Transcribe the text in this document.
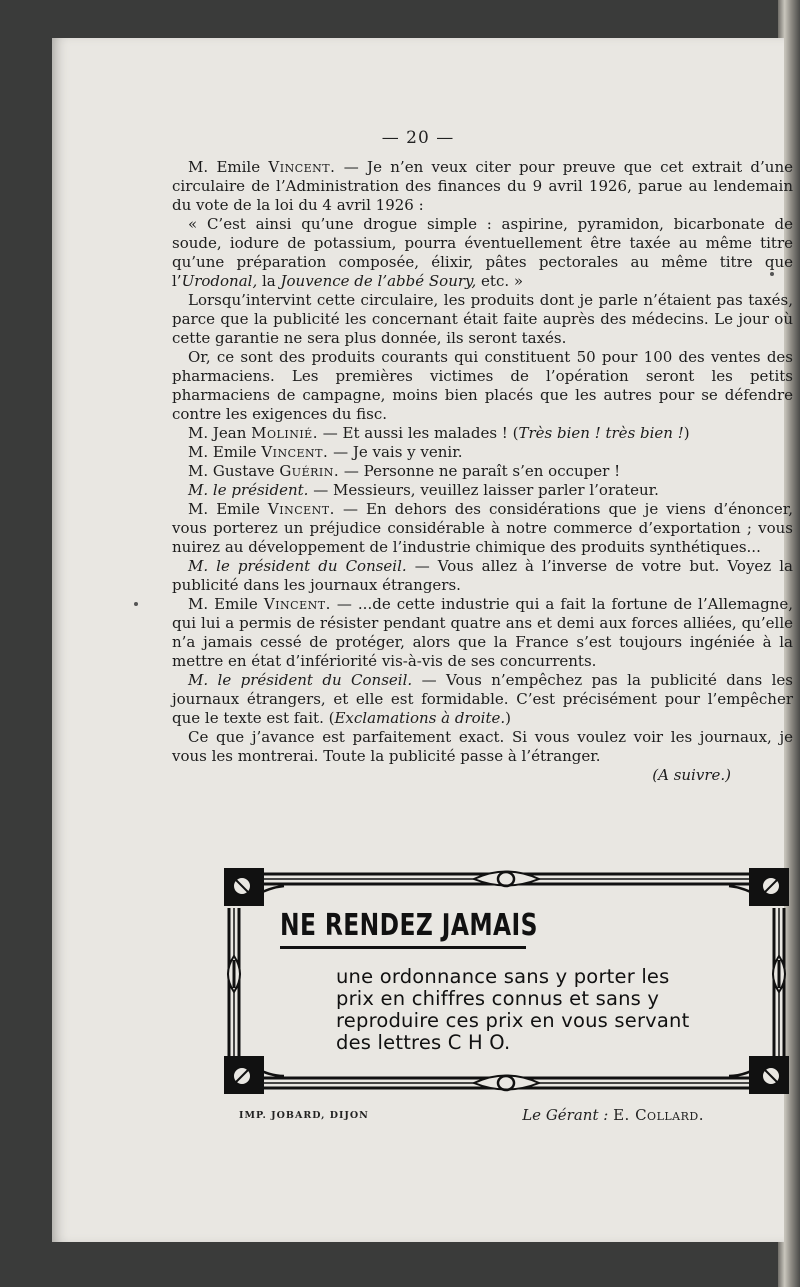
— 20 —

M. Emile Vincent. — Je n’en veux citer pour preuve que cet extrait d’une circulaire de l’Administration des finances du 9 avril 1926, parue au lendemain du vote de la loi du 4 avril 1926 :

« C’est ainsi qu’une drogue simple : aspirine, pyramidon, bicarbonate de soude, iodure de potassium, pourra éventuellement être taxée au même titre qu’une préparation composée, élixir, pâtes pectorales au même titre que l’Urodonal, la Jouvence de l’abbé Soury, etc. »

Lorsqu’intervint cette circulaire, les produits dont je parle n’étaient pas taxés, parce que la publicité les concernant était faite auprès des médecins. Le jour où cette garantie ne sera plus donnée, ils seront taxés.

Or, ce sont des produits courants qui constituent 50 pour 100 des ventes des pharmaciens. Les premières victimes de l’opération seront les petits pharmaciens de campagne, moins bien placés que les autres pour se défendre contre les exigences du fisc.

M. Jean Molinié. — Et aussi les malades ! (Très bien ! très bien !)

M. Emile Vincent. — Je vais y venir.

M. Gustave Guérin. — Personne ne paraît s’en occuper !

M. le président. — Messieurs, veuillez laisser parler l’orateur.

M. Emile Vincent. — En dehors des considérations que je viens d’énoncer, vous porterez un préjudice considérable à notre commerce d’exportation ; vous nuirez au développement de l’industrie chimique des produits synthétiques...

M. le président du Conseil. — Vous allez à l’inverse de votre but. Voyez la publicité dans les journaux étrangers.

M. Emile Vincent. — ...de cette industrie qui a fait la fortune de l’Allemagne, qui lui a permis de résister pendant quatre ans et demi aux forces alliées, qu’elle n’a jamais cessé de protéger, alors que la France s’est toujours ingéniée à la mettre en état d’infériorité vis-à-vis de ses concurrents.

M. le président du Conseil. — Vous n’empêchez pas la publicité dans les journaux étrangers, et elle est formidable. C’est précisément pour l’empêcher que le texte est fait. (Exclamations à droite.)

Ce que j’avance est parfaitement exact. Si vous voulez voir les journaux, je vous les montrerai. Toute la publicité passe à l’étranger.

(A suivre.)

NE RENDEZ JAMAIS

une ordonnance sans y porter les
prix en chiffres connus et sans y
reproduire ces prix en vous servant
des lettres C H O.

IMP. JOBARD, DIJON	Le Gérant : E. Collard.
